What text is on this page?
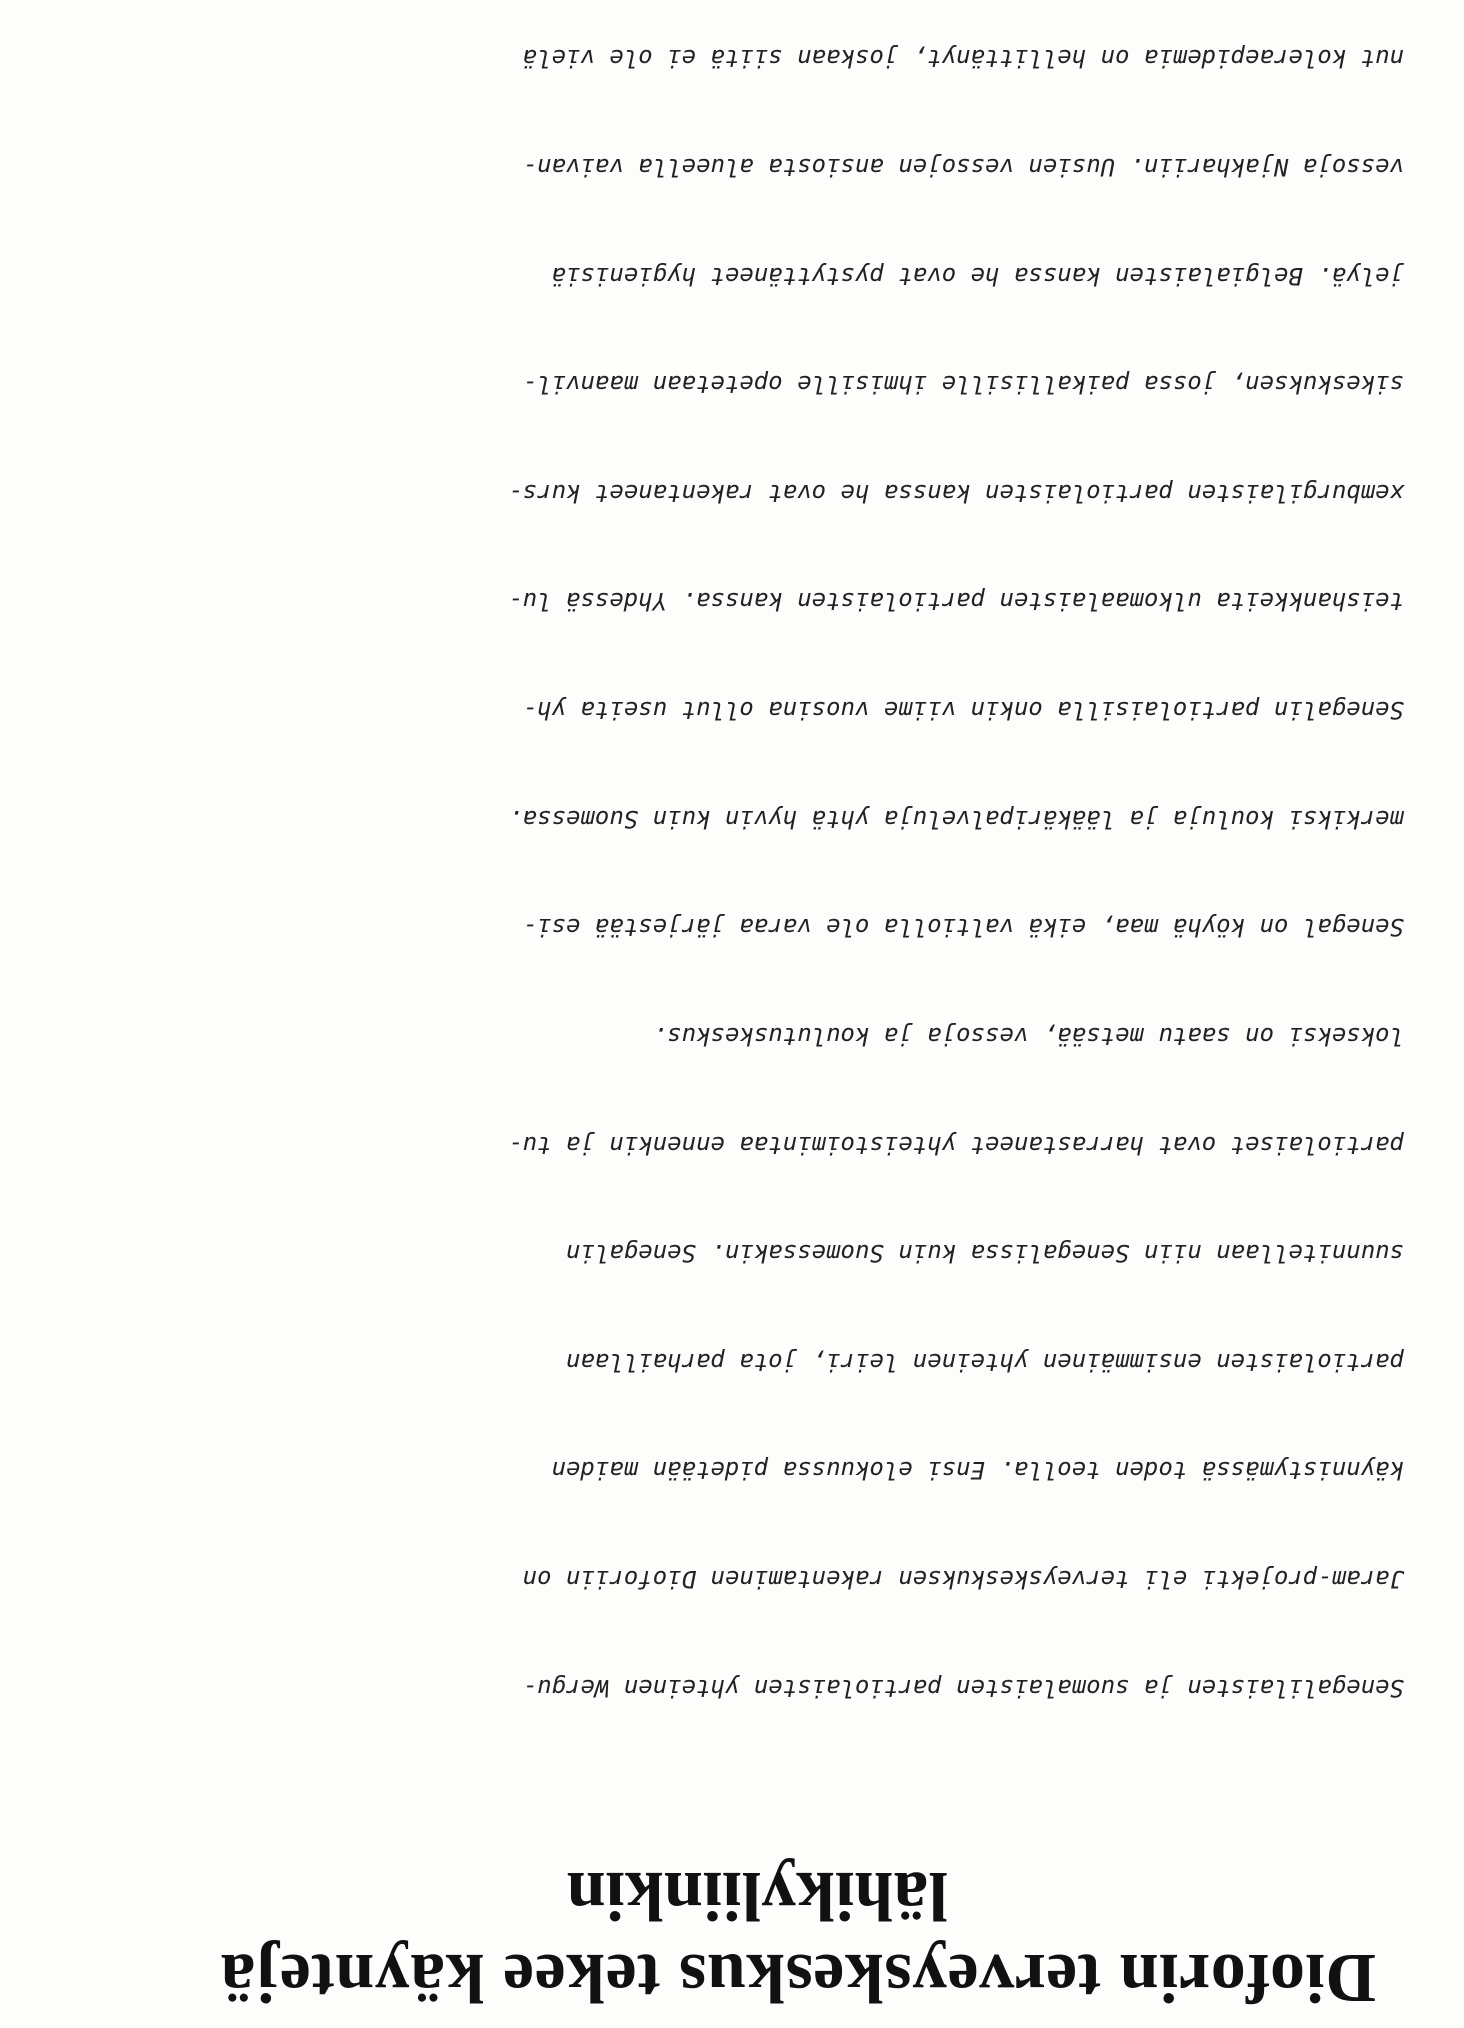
Dioforin terveyskeskus tekee käyntejä
lähikyliinkin

Senegalilaisten ja suomalaisten partiolaisten yhteinen Wergu-

Jaram-projekti eli terveyskeskuksen rakentaminen Dioforiin on

käynnistymässä toden teolla. Ensi elokuussa pidetään maiden

partiolaisten ensimmäinen yhteinen leiri, jota parhaillaan

suunnitellaan niin Senegalissa kuin Suomessakin. Senegalin

partiolaiset ovat harrastaneet yhteistoimintaa ennenkin ja tu-

lokseksi on saatu metsää, vessoja ja koulutuskeskus.

Senegal on köyhä maa, eikä valtiolla ole varaa järjestää esi-

merkiksi kouluja ja lääkäripalveluja yhtä hyvin kuin Suomessa.

Senegalin partiolaisilla onkin viime vuosina ollut useita yh-

teishankkeita ulkomaalaisten partiolaisten kanssa. Yhdessä lu-

xemburgilaisten partiolaisten kanssa he ovat rakentaneet kurs-

sikeskuksen, jossa paikallisille ihmisille opetetaan maanvil-

jelyä. Belgialaisten kanssa he ovat pystyttäneet hygienisiä

vessoja Njakhariin. Uusien vessojen ansiosta alueella vaivan-

nut koleraepidemia on hellittänyt, joskaan siitä ei ole vielä
